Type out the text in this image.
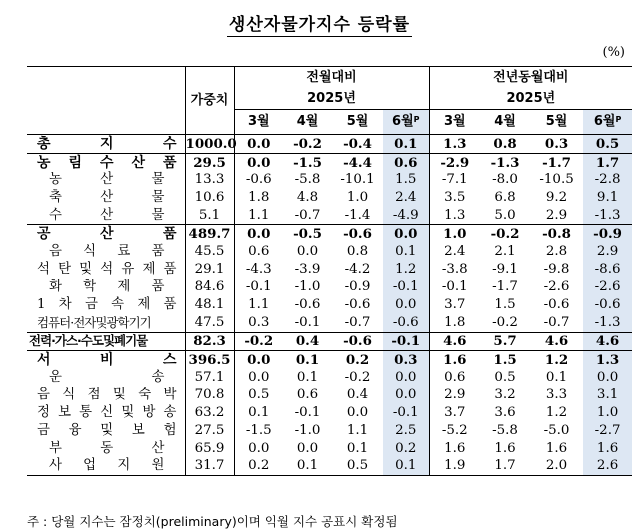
생산자물가지수 등락률
(%)
	가중치	전월대비				전년동월대비			
		2025년				2025년			
		3월	4월	5월	6월$^P$	3월	4월	5월	6월$^P$
총 지 수	1000.0	0.0	-0.2	-0.4	0.1	1.3	0.8	0.3	0.5
농 림 수 산 품	29.5	0.0	-1.5	-4.4	0.6	-2.9	-1.3	-1.7	1.7
농 산 물	13.3	-0.6	-5.8	-10.1	1.5	-7.1	-8.0	-10.5	-2.8
축 산 물	10.6	1.8	4.8	1.0	2.4	3.5	6.8	9.2	9.1
수 산 물	5.1	1.1	-0.7	-1.4	-4.9	1.3	5.0	2.9	-1.3
공 산 품	489.7	0.0	-0.5	-0.6	0.0	1.0	-0.2	-0.8	-0.9
음 식 료 품	45.5	0.6	0.0	0.8	0.1	2.4	2.1	2.8	2.9
석 탄 및 석 유 제 품	29.1	-4.3	-3.9	-4.2	1.2	-3.8	-9.1	-9.8	-8.6
화 학 제 품	84.6	-0.1	-1.0	-0.9	-0.1	-0.1	-1.7	-2.6	-2.6
1 차 금 속 제 품	48.1	1.1	-0.6	-0.6	0.0	3.7	1.5	-0.6	-0.6
컴퓨터·전자및광학기기	47.5	0.3	-0.1	-0.7	-0.6	1.8	-0.2	-0.7	-1.3
전력·가스·수도및폐기물	82.3	-0.2	0.4	-0.6	-0.1	4.6	5.7	4.6	4.6
서 비 스	396.5	0.0	0.1	0.2	0.3	1.6	1.5	1.2	1.3
운 송	57.1	0.0	0.1	-0.2	0.0	0.6	0.5	0.1	0.0
음 식 점 및 숙 박	70.8	0.5	0.6	0.4	0.0	2.9	3.2	3.3	3.1
정 보 통 신 및 방 송	63.2	0.1	-0.1	0.0	-0.1	3.7	3.6	1.2	1.0
금 융 및 보 험	27.5	-1.5	-1.0	1.1	2.5	-5.2	-5.8	-5.0	-2.7
부 동 산	65.9	0.0	0.0	0.1	0.2	1.6	1.6	1.6	1.6
사 업 지 원	31.7	0.2	0.1	0.5	0.1	1.9	1.7	2.0	2.6
주 : 당월 지수는 잠정치(preliminary)이며 익월 지수 공표시 확정됨
